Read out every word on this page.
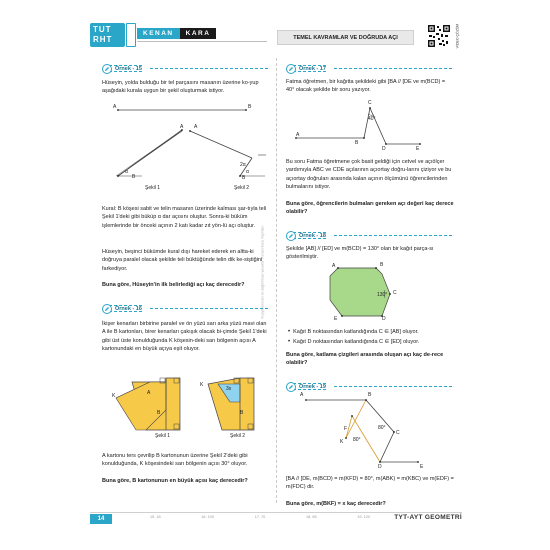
TUT
RHT
KENAN	KARA
TEMEL KAVRAMLAR VE DOĞRUDA AÇI	VİDEO ÇÖZÜM
Kopyalanması ve dağıtılması yasaktır. Kenan Kara Yayınları
Örnek - 15
Hüseyin, yolda bulduğu bir tel parçasını masanın üzerine ko-yup aşağıdaki kurala uygun bir şekil oluşturmak istiyor.
A	B
A A
B	B
α	α
2α
Şekil 1	Şekil 2
Kural: B köşesi sabit ve telin masanın üzerinde kalması şar-tıyla teli Şekil 1'deki gibi büküp α dar açısını oluştur. Sonra-ki büküm işlemlerinde bir önceki açının 2 katı kadar zıt yön-lü açı oluştur.
Hüseyin, beşinci bükümde kural dışı hareket ederek en altta-ki doğruya paralel olacak şekilde teli büktüğünde telin dik ke-siştiğini farkediyor.
Buna göre, Hüseyin'in ilk belirlediği açı kaç derecedir?
Örnek - 16
İkişer kenarları birbirine paralel ve ön yüzü sarı arka yüzü mavi olan A ile B kartonları, birer kenarları çakışık olacak bi-çimde Şekil 1'deki gibi üst üste konulduğunda K köşesin-deki sarı bölgenin açısı A kartonundaki en büyük açıya eşit oluyor.
K	A
B
K
3x
B
Şekil 1	Şekil 2
A kartonu ters çevrilip B kartonunun üzerine Şekil 2'deki gibi konulduğunda, K köşesindeki sarı bölgenin açısı 30° oluyor.
Buna göre, B kartonunun en büyük açısı kaç derecedir?
Örnek - 17
Fatma öğretmen, bir kağıtta şekildeki gibi [BA // [DE ve m(BCD) = 40° olacak şekilde bir soru yazıyor.
C
40°
A
B
D	E
Bu soru Fatma öğretmene çok basit geldiği için cetvel ve açıölçer yardımıyla ABC ve CDE açılarının açıortay doğru-larını çiziyor ve bu açıortay doğruları arasında kalan açının ölçümünü öğrencilerinden bulmalarını istiyor.
Buna göre, öğrencilerin bulmaları gereken açı değeri kaç derece olabilir?
Örnek - 18
Şekilde [AB] // [ED] ve m(BCD) = 130° olan bir kağıt parça-sı gösterilmiştir.
A	B
130° C
D
E
• Kağıt B noktasından katlandığında C ∈ [AB] oluyor.
• Kağıt D noktasından katlandığında C ∈ [ED] oluyor.
Buna göre, katlama çizgileri arasında oluşan açı kaç de-rece olabilir?
Örnek - 19
A	B
80°
C
F
80°
K
D	E
[BA // [DE, m(BCD) = m(KFD) = 80°, m(ABK) = m(KBC) ve m(EDF) = m(FDC) dir.
Buna göre, m(BKF) = x kaç derecedir?
14	15. 18	16. 100	17. 70	18. 65	19. 120	TYT-AYT GEOMETRİ
